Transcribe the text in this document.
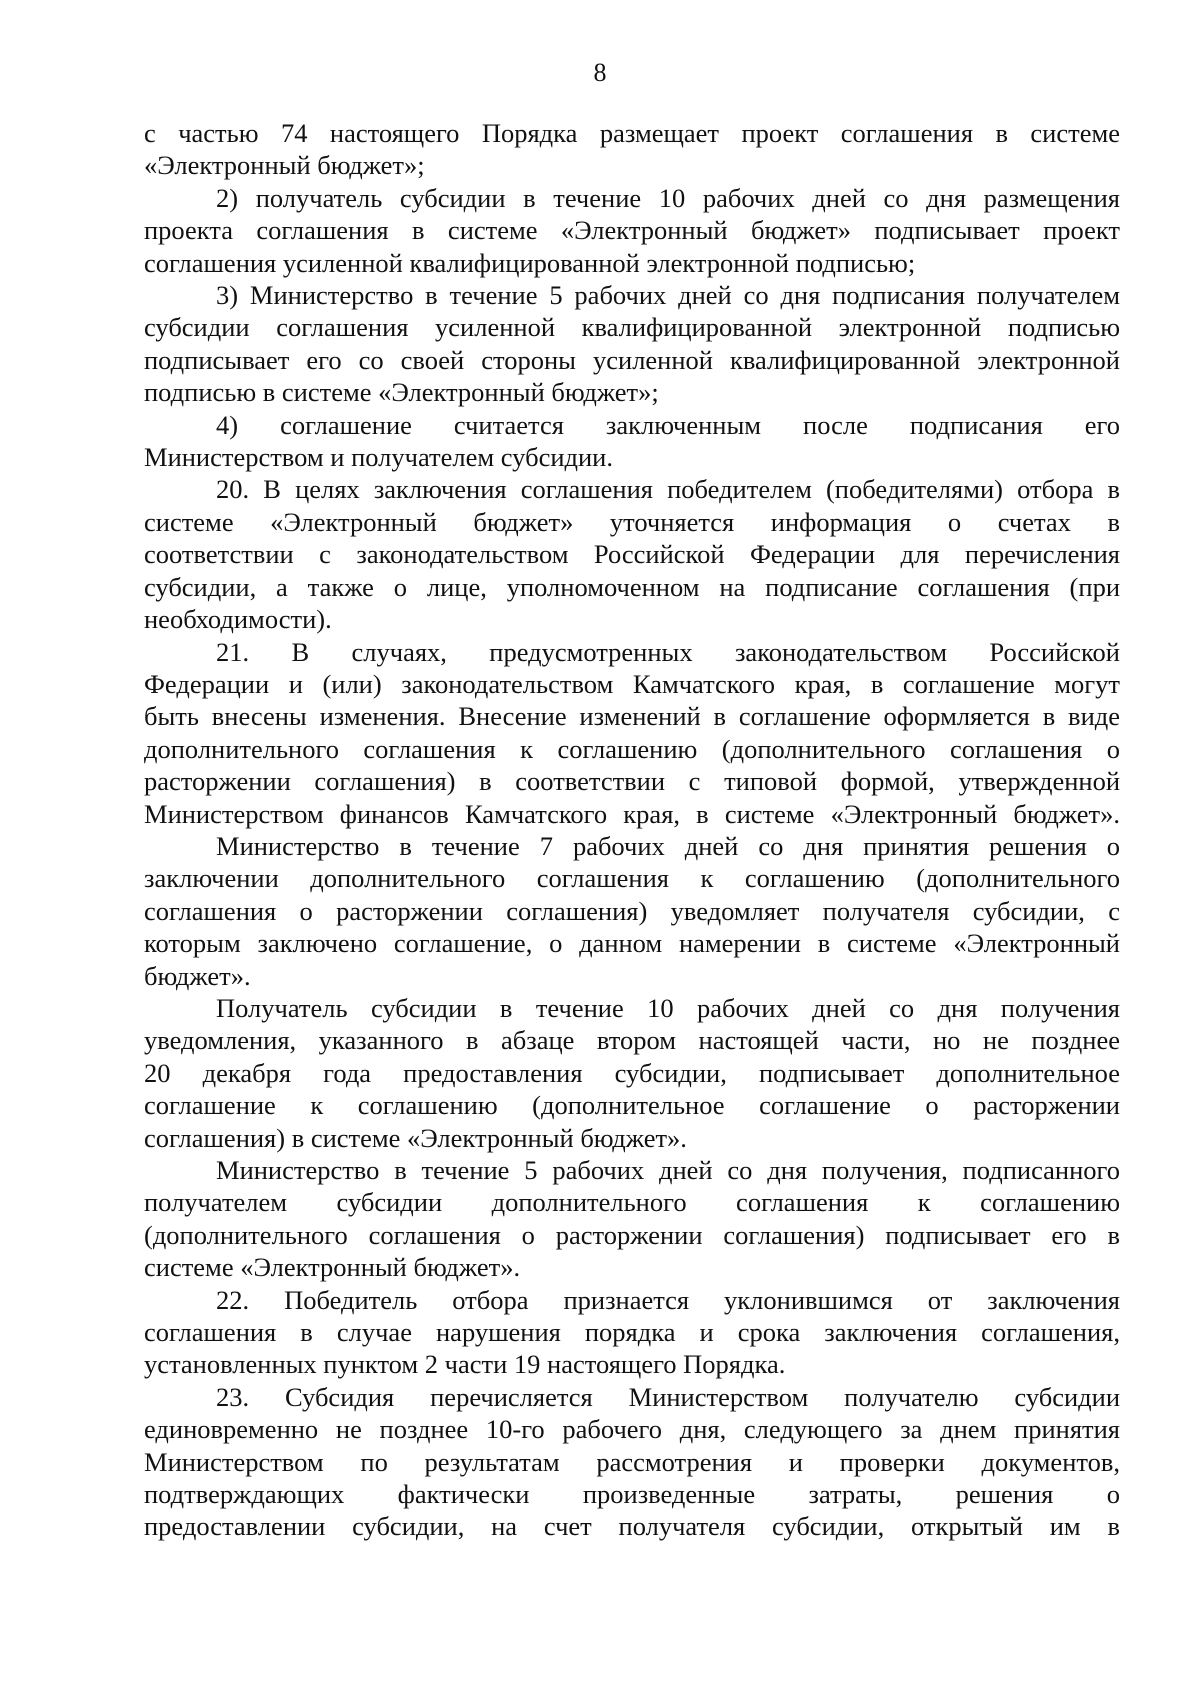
8

с частью 74 настоящего Порядка размещает проект соглашения в системе

«Электронный бюджет»;

2) получатель субсидии в течение 10 рабочих дней со дня размещения

проекта соглашения в системе «Электронный бюджет» подписывает проект

соглашения усиленной квалифицированной электронной подписью;

3) Министерство в течение 5 рабочих дней со дня подписания получателем

субсидии соглашения усиленной квалифицированной электронной подписью

подписывает его со своей стороны усиленной квалифицированной электронной

подписью в системе «Электронный бюджет»;

4) соглашение считается заключенным после подписания его

Министерством и получателем субсидии.

20. В целях заключения соглашения победителем (победителями) отбора в

системе «Электронный бюджет» уточняется информация о счетах в

соответствии с законодательством Российской Федерации для перечисления

субсидии, а также о лице, уполномоченном на подписание соглашения (при

необходимости).

21. В случаях, предусмотренных законодательством Российской

Федерации и (или) законодательством Камчатского края, в соглашение могут

быть внесены изменения. Внесение изменений в соглашение оформляется в виде

дополнительного соглашения к соглашению (дополнительного соглашения о

расторжении соглашения) в соответствии с типовой формой, утвержденной

Министерством финансов Камчатского края, в системе «Электронный бюджет».

Министерство в течение 7 рабочих дней со дня принятия решения о

заключении дополнительного соглашения к соглашению (дополнительного

соглашения о расторжении соглашения) уведомляет получателя субсидии, с

которым заключено соглашение, о данном намерении в системе «Электронный

бюджет».

Получатель субсидии в течение 10 рабочих дней со дня получения

уведомления, указанного в абзаце втором настоящей части, но не позднее

20 декабря года предоставления субсидии, подписывает дополнительное

соглашение к соглашению (дополнительное соглашение о расторжении

соглашения) в системе «Электронный бюджет».

Министерство в течение 5 рабочих дней со дня получения, подписанного

получателем субсидии дополнительного соглашения к соглашению

(дополнительного соглашения о расторжении соглашения) подписывает его в

системе «Электронный бюджет».

22. Победитель отбора признается уклонившимся от заключения

соглашения в случае нарушения порядка и срока заключения соглашения,

установленных пунктом 2 части 19 настоящего Порядка.

23. Субсидия перечисляется Министерством получателю субсидии

единовременно не позднее 10-го рабочего дня, следующего за днем принятия

Министерством по результатам рассмотрения и проверки документов,

подтверждающих фактически произведенные затраты, решения о

предоставлении субсидии, на счет получателя субсидии, открытый им в
